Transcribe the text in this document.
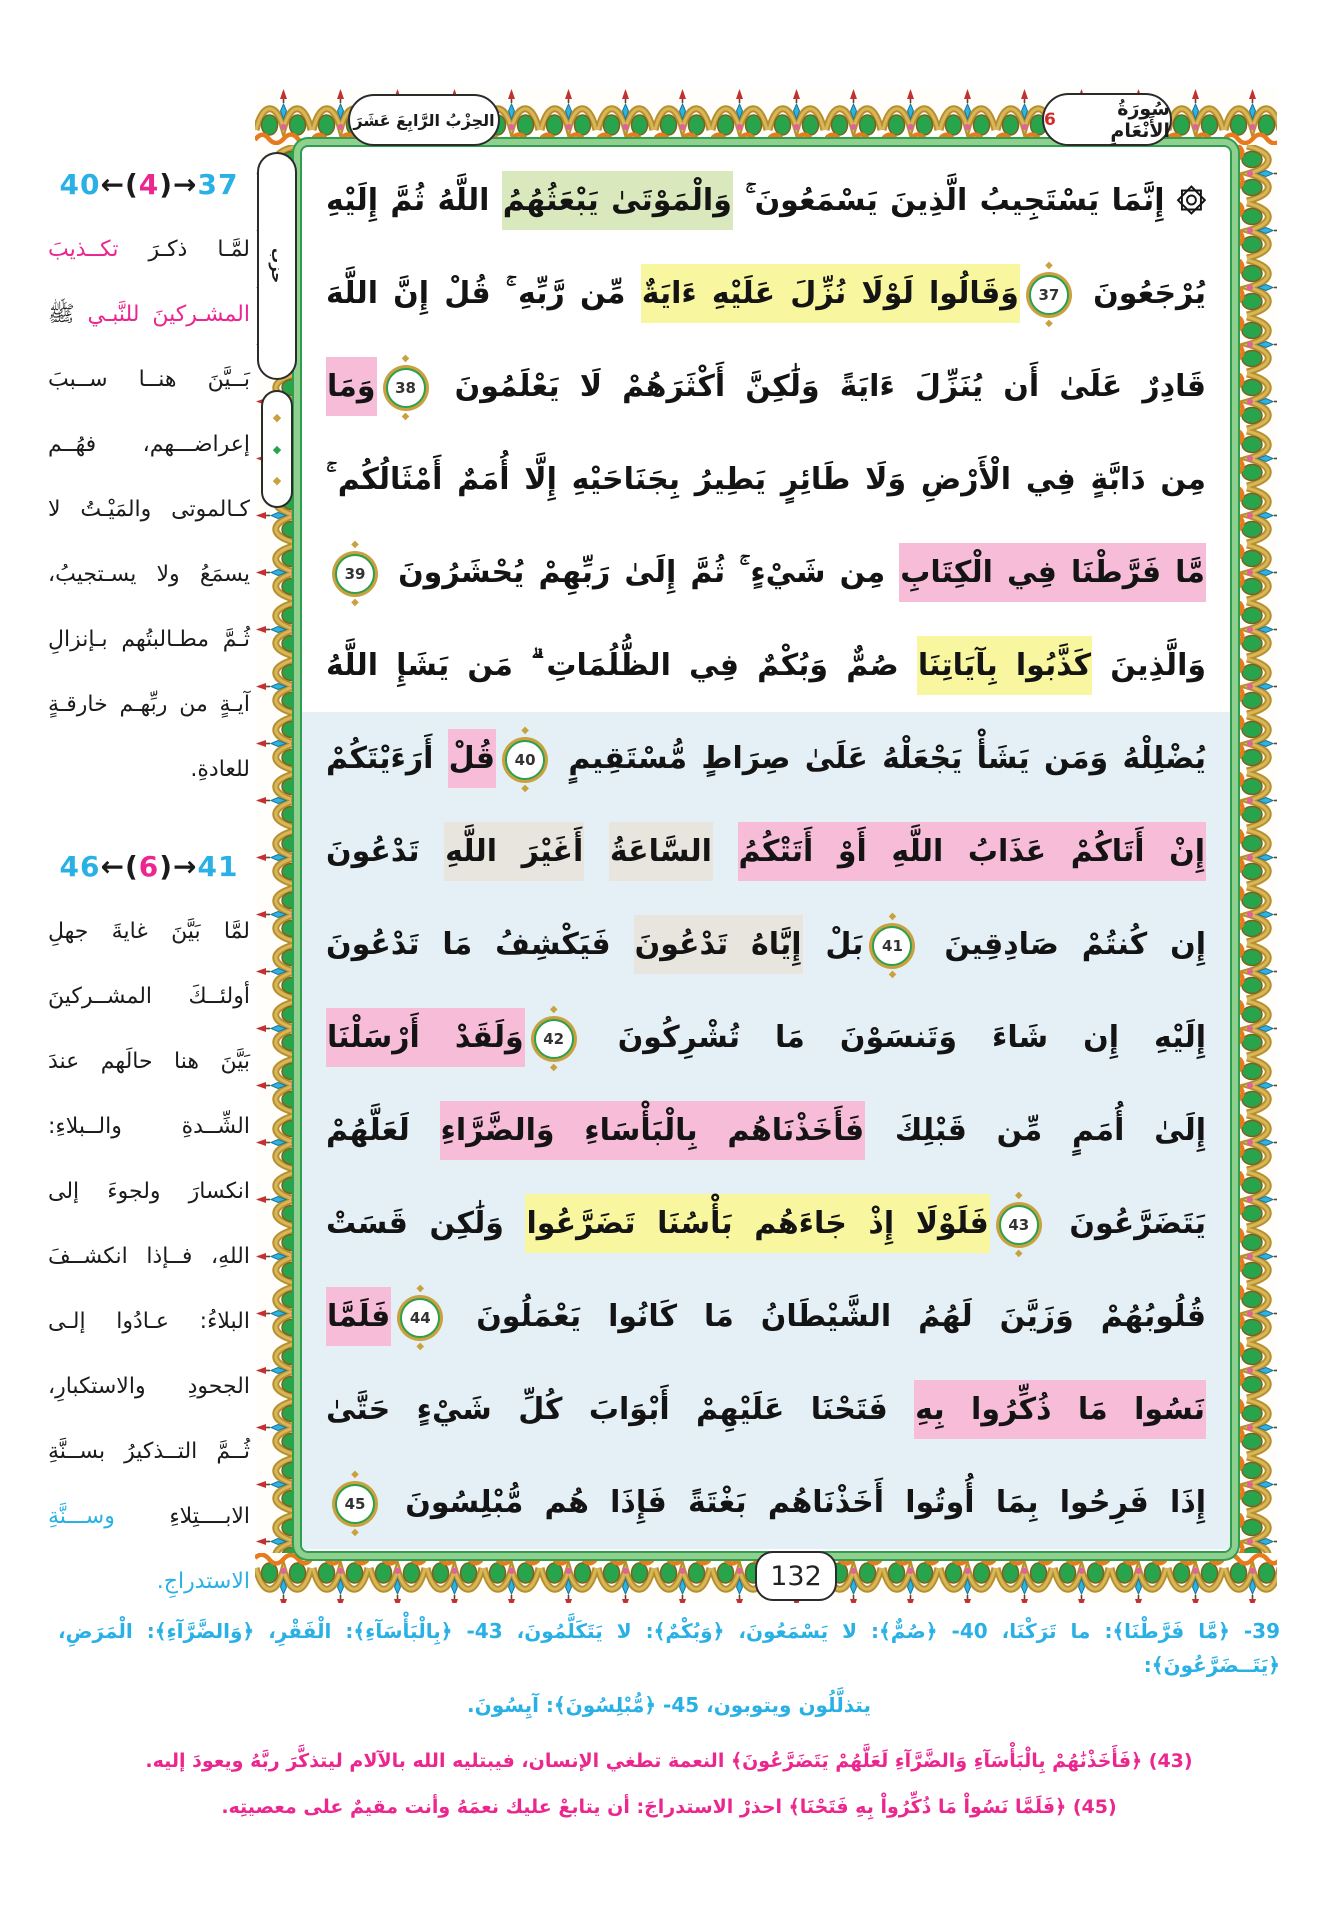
40←(4)→37
لمَّـا ذكـرَ تكــذيبَ
المشـركينَ للنَّبـي ﷺ
بَــيَّنَ هنــا ســببَ
إعراضـــهم، فهُــم
كـالموتى والمَيْـتُ لا
يسمَعُ ولا يسـتجيبُ،
ثُـمَّ مطـالبتُهم بـإنزالِ
آيـةٍ من ربِّهـم خارقـةٍ
للعادةِ.
46←(6)→41
لمَّا بَيَّنَ غايةَ جهلِ
أولئــكَ المشــركينَ
بَيَّنَ هنا حالَهم عندَ
الشِّــدةِ والــبلاءِ:
انكسارَ ولجوءَ إلى
اللهِ، فــإذا انكشــفَ
البلاءُ: عـادُوا إلـى
الجحودِ والاستكبارِ،
ثُــمَّ التــذكيرُ بســنَّةِ
الابــــتِلاءِ وســـنَّةِ
الاستدراجِ.
سُورَةُ الأَنْعَامِ
6
الحِزْبُ الرَّابِعَ عَشَرَ
حزب
◆
◆
◆
132
۞ إِنَّمَا يَسْتَجِيبُ الَّذِينَ يَسْمَعُونَ ۚ وَالْمَوْتَىٰ يَبْعَثُهُمُ اللَّهُ ثُمَّ إِلَيْهِ
يُرْجَعُونَ ◆ 37 ◆وَقَالُوا لَوْلَا نُزِّلَ عَلَيْهِ ءَايَةٌ مِّن رَّبِّهِ ۚ قُلْ إِنَّ اللَّهَ
قَادِرٌ عَلَىٰ أَن يُنَزِّلَ ءَايَةً وَلَٰكِنَّ أَكْثَرَهُمْ لَا يَعْلَمُونَ ◆ 38 ◆وَمَا
مِن دَابَّةٍ فِي الْأَرْضِ وَلَا طَائِرٍ يَطِيرُ بِجَنَاحَيْهِ إِلَّا أُمَمٌ أَمْثَالُكُم ۚ
مَّا فَرَّطْنَا فِي الْكِتَابِ مِن شَيْءٍ ۚ ثُمَّ إِلَىٰ رَبِّهِمْ يُحْشَرُونَ ◆ 39 ◆
وَالَّذِينَ كَذَّبُوا بِآيَاتِنَا صُمٌّ وَبُكْمٌ فِي الظُّلُمَاتِ ۗ مَن يَشَإِ اللَّهُ
يُضْلِلْهُ وَمَن يَشَأْ يَجْعَلْهُ عَلَىٰ صِرَاطٍ مُّسْتَقِيمٍ ◆ 40 ◆قُلْ أَرَءَيْتَكُمْ
إِنْ أَتَاكُمْ عَذَابُ اللَّهِ أَوْ أَتَتْكُمُ السَّاعَةُ أَغَيْرَ اللَّهِ تَدْعُونَ
إِن كُنتُمْ صَادِقِينَ ◆ 41 ◆بَلْ إِيَّاهُ تَدْعُونَ فَيَكْشِفُ مَا تَدْعُونَ
إِلَيْهِ إِن شَاءَ وَتَنسَوْنَ مَا تُشْرِكُونَ ◆ 42 ◆وَلَقَدْ أَرْسَلْنَا
إِلَىٰ أُمَمٍ مِّن قَبْلِكَ فَأَخَذْنَاهُم بِالْبَأْسَاءِ وَالضَّرَّاءِ لَعَلَّهُمْ
يَتَضَرَّعُونَ ◆ 43 ◆فَلَوْلَا إِذْ جَاءَهُم بَأْسُنَا تَضَرَّعُوا وَلَٰكِن قَسَتْ
قُلُوبُهُمْ وَزَيَّنَ لَهُمُ الشَّيْطَانُ مَا كَانُوا يَعْمَلُونَ ◆ 44 ◆فَلَمَّا
نَسُوا مَا ذُكِّرُوا بِهِ فَتَحْنَا عَلَيْهِمْ أَبْوَابَ كُلِّ شَيْءٍ حَتَّىٰ
إِذَا فَرِحُوا بِمَا أُوتُوا أَخَذْنَاهُم بَغْتَةً فَإِذَا هُم مُّبْلِسُونَ ◆ 45 ◆
39- ﴿مَّا فَرَّطْنَا﴾: ما تَرَكْنَا، 40- ﴿صُمٌّ﴾: لا يَسْمَعُونَ، ﴿وَبُكْمٌ﴾: لا يَتَكَلَّمُونَ، 43- ﴿بِالْبَأْسَآءِ﴾: الْفَقْرِ، ﴿وَالضَّرَّآءِ﴾: الْمَرَضِ، ﴿يَتَــضَرَّعُونَ﴾:
يتذلَّلُون ويتوبون، 45- ﴿مُّبْلِسُونَ﴾: آيِسُونَ.
(43) ﴿فَأَخَذْنَٰهُمْ بِالْبَأْسَآءِ وَالضَّرَّآءِ لَعَلَّهُمْ يَتَضَرَّعُونَ﴾ النعمة تطغي الإنسان، فيبتليه الله بالآلام ليتذكَّرَ ربَّهُ ويعودَ إليه.
(45) ﴿فَلَمَّا نَسُواْ مَا ذُكِّرُواْ بِهِ فَتَحْنَا﴾ احذرْ الاستدراجَ: أن يتابعْ عليك نعمَهُ وأنت مقيمٌ على معصيتِه.
